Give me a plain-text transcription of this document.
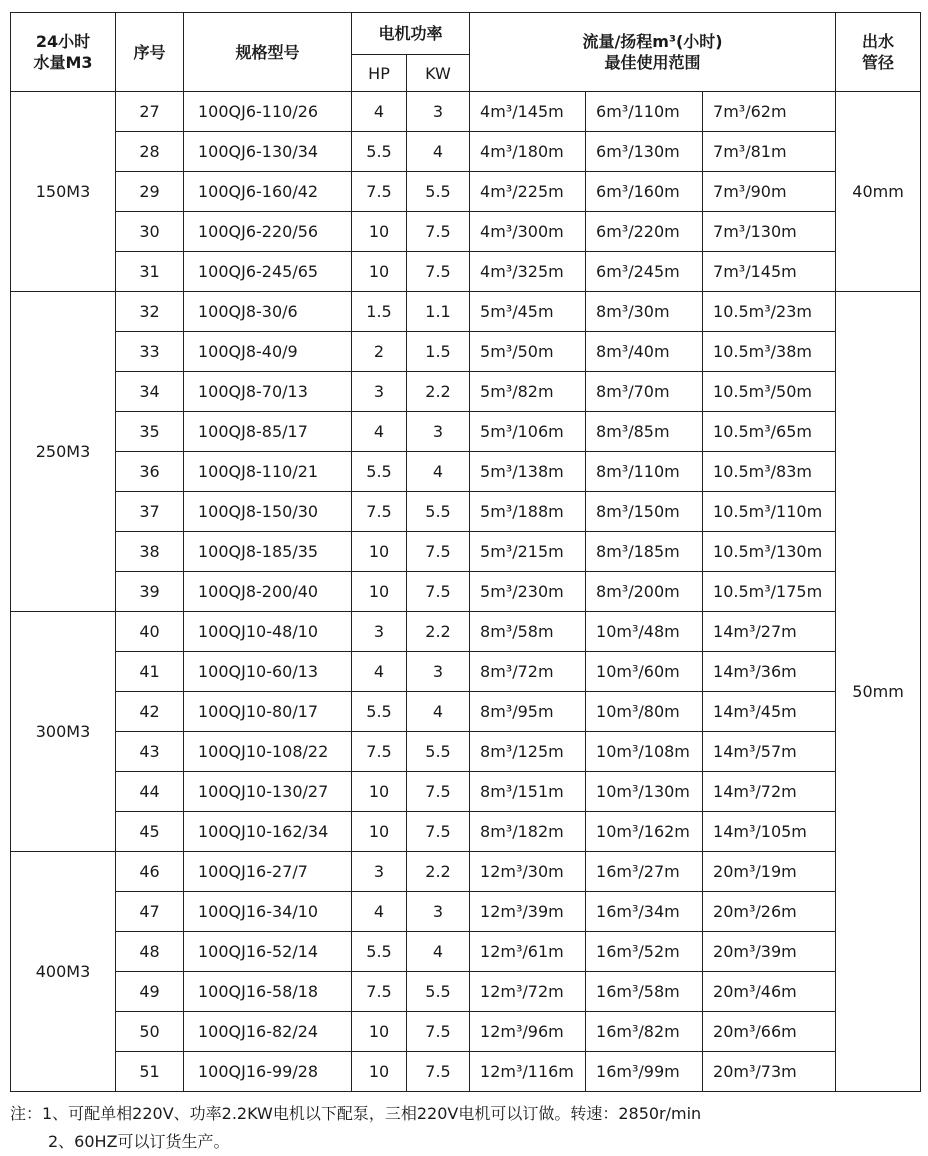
24小时
水量M3	序号	规格型号	电机功率		流量/扬程m³(小时)
最佳使用范围			出水
管径
			HP	KW				
150M3	27	100QJ6-110/26	4	3	4m³/145m	6m³/110m	7m³/62m	40mm
	28	100QJ6-130/34	5.5	4	4m³/180m	6m³/130m	7m³/81m	
	29	100QJ6-160/42	7.5	5.5	4m³/225m	6m³/160m	7m³/90m	
	30	100QJ6-220/56	10	7.5	4m³/300m	6m³/220m	7m³/130m	
	31	100QJ6-245/65	10	7.5	4m³/325m	6m³/245m	7m³/145m	
250M3	32	100QJ8-30/6	1.5	1.1	5m³/45m	8m³/30m	10.5m³/23m	50mm
	33	100QJ8-40/9	2	1.5	5m³/50m	8m³/40m	10.5m³/38m	
	34	100QJ8-70/13	3	2.2	5m³/82m	8m³/70m	10.5m³/50m	
	35	100QJ8-85/17	4	3	5m³/106m	8m³/85m	10.5m³/65m	
	36	100QJ8-110/21	5.5	4	5m³/138m	8m³/110m	10.5m³/83m	
	37	100QJ8-150/30	7.5	5.5	5m³/188m	8m³/150m	10.5m³/110m	
	38	100QJ8-185/35	10	7.5	5m³/215m	8m³/185m	10.5m³/130m	
	39	100QJ8-200/40	10	7.5	5m³/230m	8m³/200m	10.5m³/175m	
300M3	40	100QJ10-48/10	3	2.2	8m³/58m	10m³/48m	14m³/27m	
	41	100QJ10-60/13	4	3	8m³/72m	10m³/60m	14m³/36m	
	42	100QJ10-80/17	5.5	4	8m³/95m	10m³/80m	14m³/45m	
	43	100QJ10-108/22	7.5	5.5	8m³/125m	10m³/108m	14m³/57m	
	44	100QJ10-130/27	10	7.5	8m³/151m	10m³/130m	14m³/72m	
	45	100QJ10-162/34	10	7.5	8m³/182m	10m³/162m	14m³/105m	
400M3	46	100QJ16-27/7	3	2.2	12m³/30m	16m³/27m	20m³/19m	
	47	100QJ16-34/10	4	3	12m³/39m	16m³/34m	20m³/26m	
	48	100QJ16-52/14	5.5	4	12m³/61m	16m³/52m	20m³/39m	
	49	100QJ16-58/18	7.5	5.5	12m³/72m	16m³/58m	20m³/46m	
	50	100QJ16-82/24	10	7.5	12m³/96m	16m³/82m	20m³/66m	
	51	100QJ16-99/28	10	7.5	12m³/116m	16m³/99m	20m³/73m	
注：1、可配单相220V、功率2.2KW电机以下配泵，三相220V电机可以订做。转速：2850r/min
2、60HZ可以订货生产。
